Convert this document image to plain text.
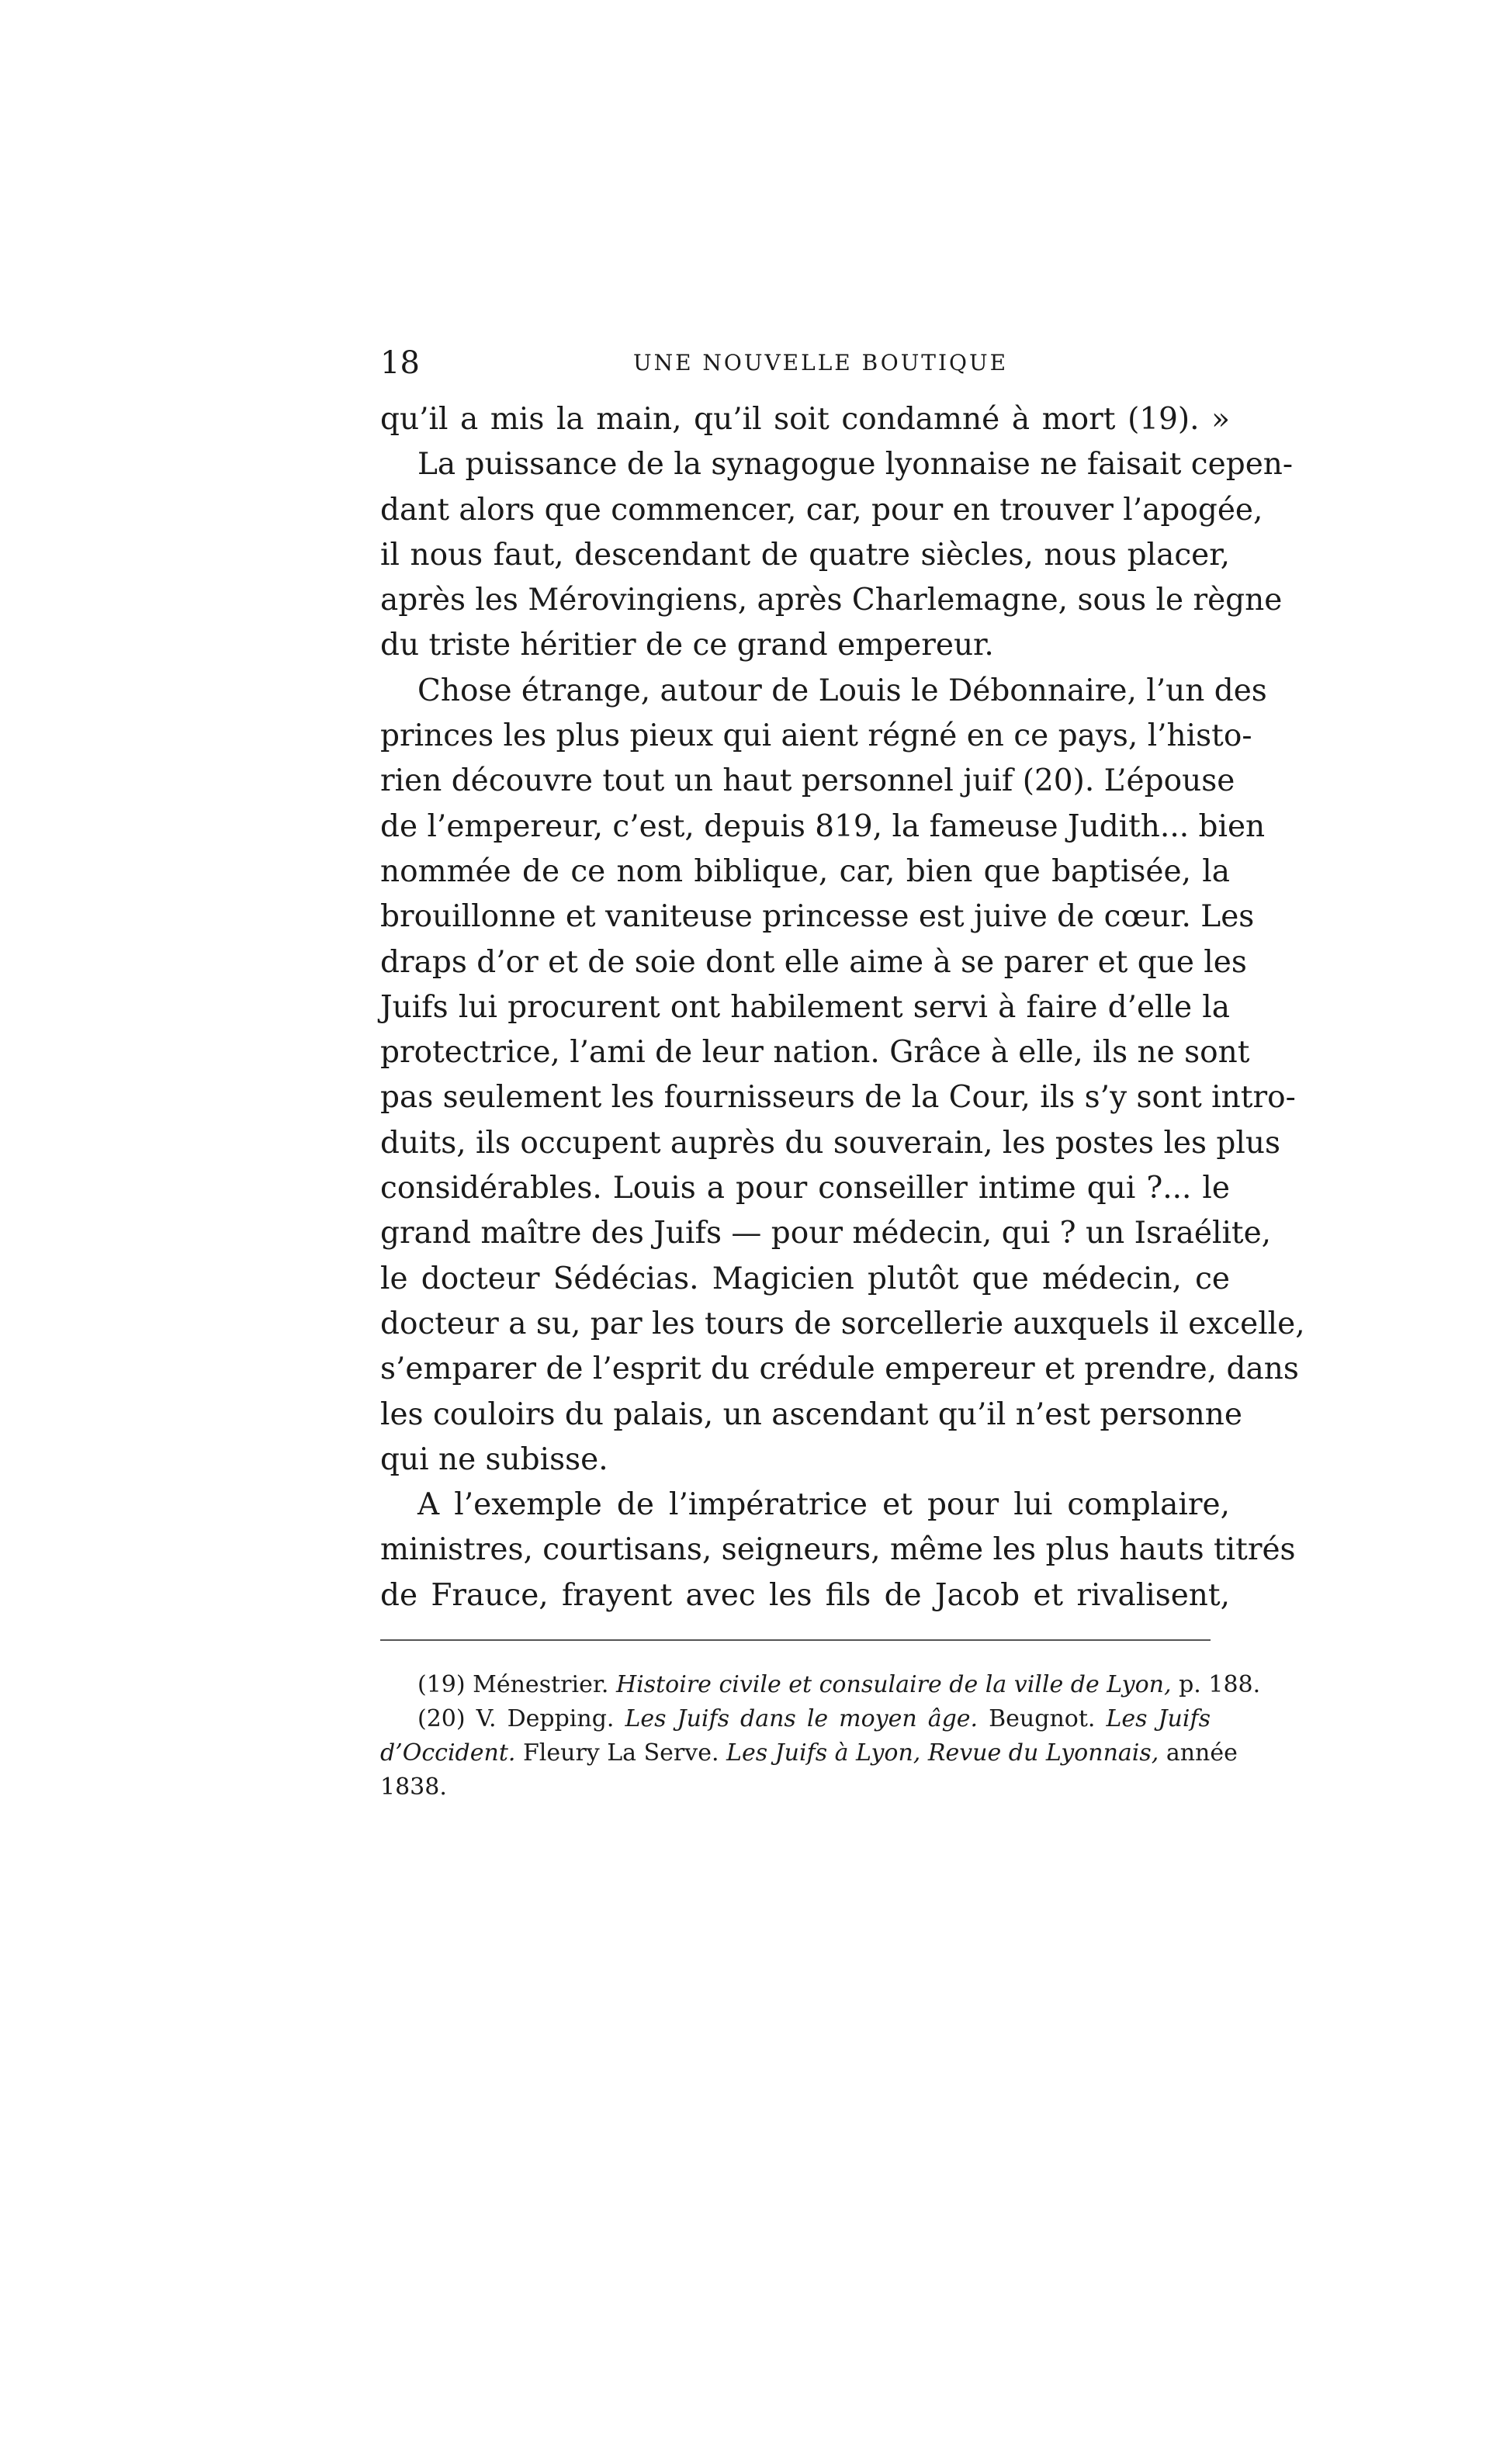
18	UNE NOUVELLE BOUTIQUE
qu’il a mis la main, qu’il soit condamné à mort (19). »
La puissance de la synagogue lyonnaise ne faisait cepen-
dant alors que commencer, car, pour en trouver l’apogée,
il nous faut, descendant de quatre siècles, nous placer,
après les Mérovingiens, après Charlemagne, sous le règne
du triste héritier de ce grand empereur.
Chose étrange, autour de Louis le Débonnaire, l’un des
princes les plus pieux qui aient régné en ce pays, l’histo-
rien découvre tout un haut personnel juif (20). L’épouse
de l’empereur, c’est, depuis 819, la fameuse Judith... bien
nommée de ce nom biblique, car, bien que baptisée, la
brouillonne et vaniteuse princesse est juive de cœur. Les
draps d’or et de soie dont elle aime à se parer et que les
Juifs lui procurent ont habilement servi à faire d’elle la
protectrice, l’ami de leur nation. Grâce à elle, ils ne sont
pas seulement les fournisseurs de la Cour, ils s’y sont intro-
duits, ils occupent auprès du souverain, les postes les plus
considérables. Louis a pour conseiller intime qui ?... le
grand maître des Juifs — pour médecin, qui ? un Israélite,
le docteur Sédécias. Magicien plutôt que médecin, ce
docteur a su, par les tours de sorcellerie auxquels il excelle,
s’emparer de l’esprit du crédule empereur et prendre, dans
les couloirs du palais, un ascendant qu’il n’est personne
qui ne subisse.
A l’exemple de l’impératrice et pour lui complaire,
ministres, courtisans, seigneurs, même les plus hauts titrés
de Frauce, frayent avec les fils de Jacob et rivalisent,
(19) Ménestrier. Histoire civile et consulaire de la ville de Lyon, p. 188.
(20) V. Depping. Les Juifs dans le moyen âge. Beugnot. Les Juifs
d’Occident. Fleury La Serve. Les Juifs à Lyon, Revue du Lyonnais, année
1838.
